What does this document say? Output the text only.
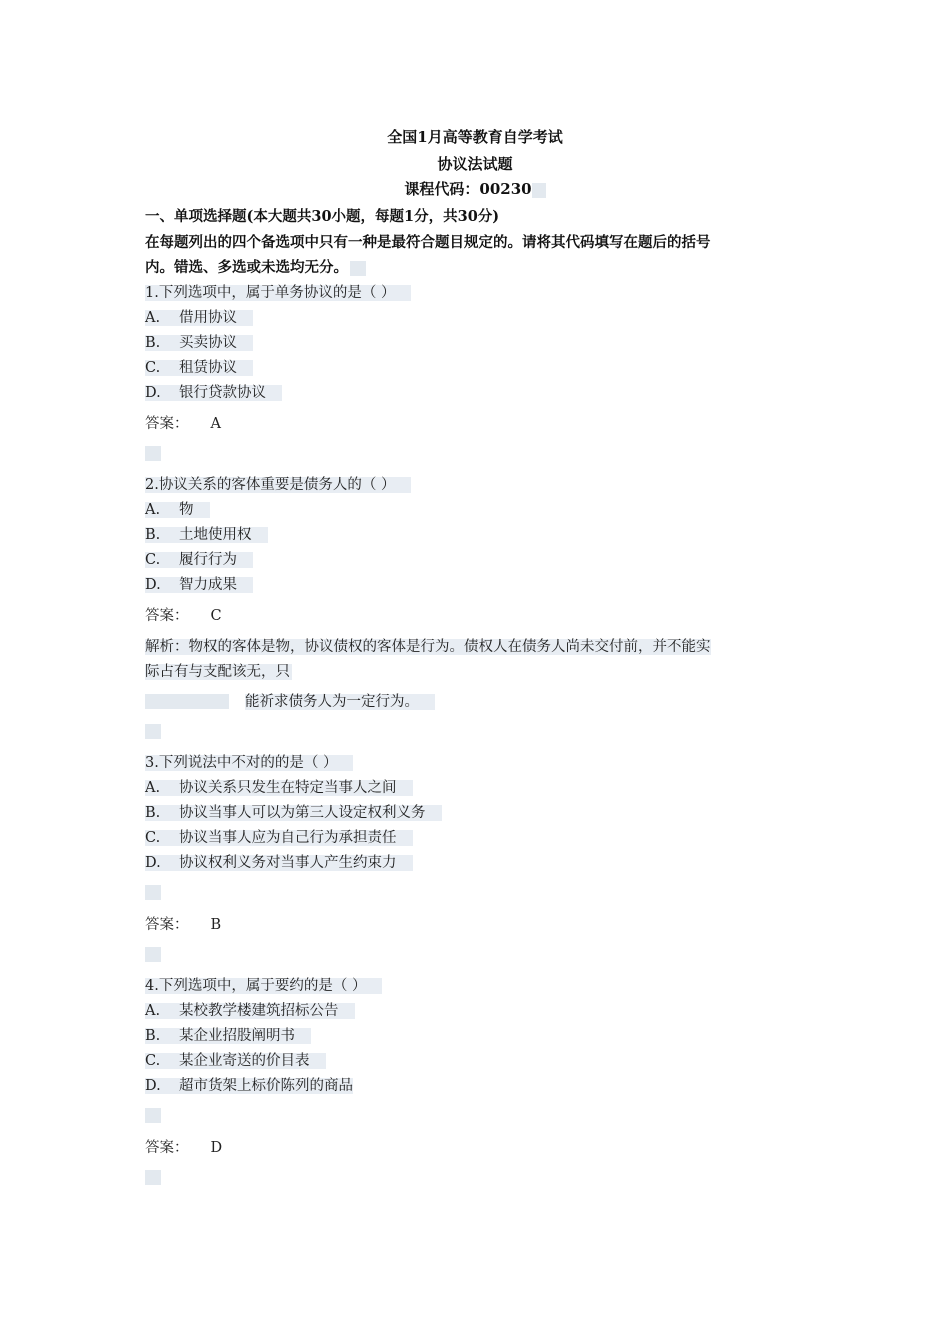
全国1月高等教育自学考试
协议法试题
课程代码：00230
一、单项选择题(本大题共30小题，每题1分，共30分)
在每题列出的四个备选项中只有一种是最符合题目规定的。请将其代码填写在题后的括号
内。错选、多选或未选均无分。
1.下列选项中，属于单务协议的是（ ）
A. 借用协议
B. 买卖协议
C. 租赁协议
D. 银行贷款协议
答案： A
2.协议关系的客体重要是债务人的（ ）
A. 物
B. 土地使用权
C. 履行行为
D. 智力成果
答案： C
解析：物权的客体是物，协议债权的客体是行为。债权人在债务人尚未交付前，并不能实
际占有与支配该无，只
能祈求债务人为一定行为。
3.下列说法中不对的的是（ ）
A. 协议关系只发生在特定当事人之间
B. 协议当事人可以为第三人设定权利义务
C. 协议当事人应为自己行为承担责任
D. 协议权利义务对当事人产生约束力
答案： B
4.下列选项中，属于要约的是（ ）
A. 某校教学楼建筑招标公告
B. 某企业招股阐明书
C. 某企业寄送的价目表
D. 超市货架上标价陈列的商品
答案： D
